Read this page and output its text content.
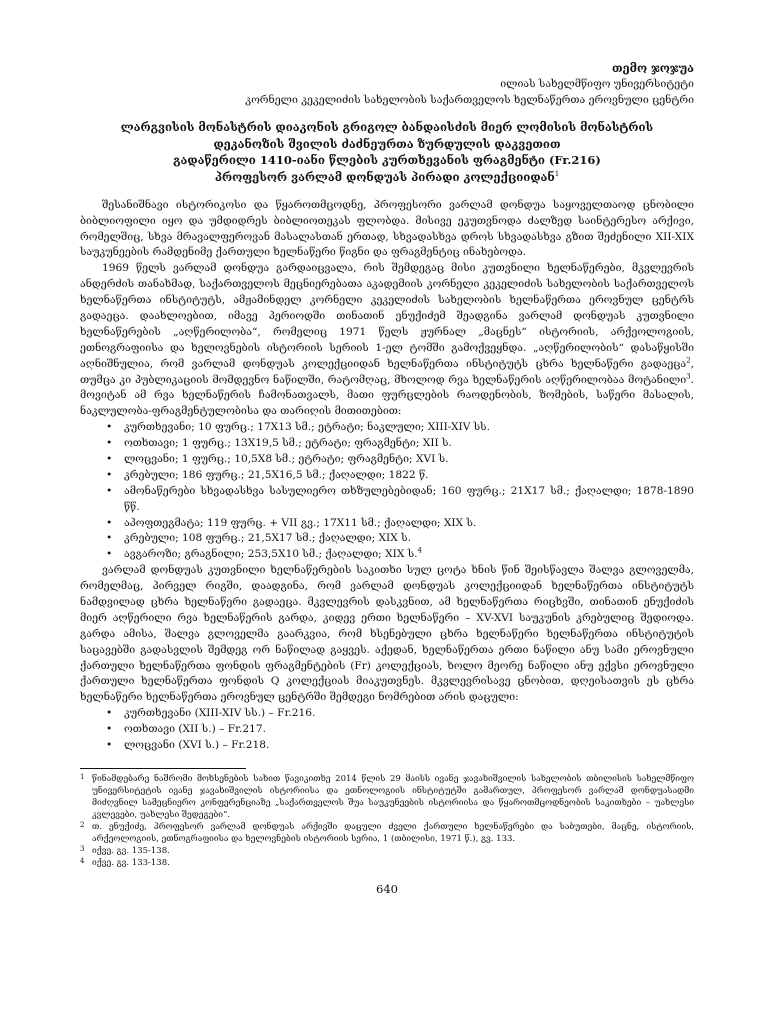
თემო ჯოჯუა
ილიას სახელმწიფო უნივერსიტეტი
კორნელი კეკელიძის სახელობის საქართველოს ხელნაწერთა ეროვნული ცენტრი
ლარგვისის მონასტრის დიაკონის გრიგოლ ბანდაისძის მიერ ლომისის მონასტრის
დეკანოზის შვილის ძაძნეურთა ზურდულის დაკვეთით
გადაწერილი 1410-იანი წლების კურთხევანის ფრაგმენტი (Fr.216)
პროფესორ ვარლამ დონდუას პირადი კოლექციიდან$^1$

შესანიშნავი ისტორიკოსი და წყაროთმცოდნე, პროფესორი ვარლამ დონდუა საყოველთაოდ ცნობილი ბიბლიოფილი იყო და უმდიდრეს ბიბლიოთეკას ფლობდა. მისივე ეკუთვნოდა ძალზედ საინტერესო არქივი, რომელშიც, სხვა მრავალფეროვან მასალასთან ერთად, სხვადასხვა დროს სხვადასხვა გზით შეძენილი XII-XIX საუკუნეების რამდენიმე ქართული ხელნაწერი წიგნი და ფრაგმენტიც ინახებოდა.

1969 წელს ვარლამ დონდუა გარდაიცვალა, რის შემდეგაც მისი კუთვნილი ხელნაწერები, მკვლევრის ანდერძის თანახმად, საქართველოს მეცნიერებათა აკადემიის კორნელი კეკელიძის სახელობის საქართველოს ხელნაწერთა ინსტიტუტს, ამჟამინდელ კორნელი კეკელიძის სახელობის ხელნაწერთა ეროვნულ ცენტრს გადაეცა. დაახლოებით, იმავე პერიოდში თინათინ ენუქიძემ შეადგინა ვარლამ დონდუას კუთვნილი ხელნაწერების „აღწერილობა“, რომელიც 1971 წელს ჟურნალ „მაცნეს“ ისტორიის, არქეოლოგიის, ეთნოგრაფიისა და ხელოვნების ისტორიის სერიის 1-ელ ტომში გამოქვეყნდა. „აღწერილობის“ დასაწყისში აღნიშნულია, რომ ვარლამ დონდუას კოლექციიდან ხელნაწერთა ინსტიტუტს ცხრა ხელნაწერი გადაეცა$^2$, თუმცა კი პუბლიკაციის მომდევნო ნაწილში, რატომღაც, მხოლოდ რვა ხელნაწერის აღწერილობაა მოტანილი$^3$. მოვიტან ამ რვა ხელნაწერის ჩამონათვალს, მათი ფურცლების რაოდენობის, ზომების, საწერი მასალის, ნაკლულობა-ფრაგმენტულობისა და თარიღის მითითებით:

• კურთხევანი; 10 ფურც.; 17X13 სმ.; ეტრატი; ნაკლული; XIII-XIV სს.
• ოთხთავი; 1 ფურც.; 13X19,5 სმ.; ეტრატი; ფრაგმენტი; XII ს.
• ლოცვანი; 1 ფურც.; 10,5X8 სმ.; ეტრატი; ფრაგმენტი; XVI ს.
• კრებული; 186 ფურც.; 21,5X16,5 სმ.; ქაღალდი; 1822 წ.
• ამონაწერები სხვადასხვა სასულიერო თხზულებებიდან; 160 ფურც.; 21X17 სმ.; ქაღალდი; 1878-1890 წწ.
• აპოფთეგმატა; 119 ფურც. + VII გვ.; 17X11 სმ.; ქაღალდი; XIX ს.
• კრებული; 108 ფურც.; 21,5X17 სმ.; ქაღალდი; XIX ს.
• ავგაროზი; გრაგნილი; 253,5X10 სმ.; ქაღალდი; XIX ს.$^4$

ვარლამ დონდუას კუთვნილი ხელნაწერების საკითხი სულ ცოტა ხნის წინ შეისწავლა შალვა გლოველმა, რომელმაც, პირველ რიგში, დაადგინა, რომ ვარლამ დონდუას კოლექციიდან ხელნაწერთა ინსტიტუტს ნამდვილად ცხრა ხელნაწერი გადაეცა. მკვლევრის დასკვნით, ამ ხელნაწერთა რიცხვში, თინათინ ენუქიძის მიერ აღწერილი რვა ხელნაწერის გარდა, კიდევ ერთი ხელნაწერი – XV-XVI საუკუნის კრებულიც შედიოდა. გარდა ამისა, შალვა გლოველმა გაარკვია, რომ ხსენებული ცხრა ხელნაწერი ხელნაწერთა ინსტიტუტის საცავებში გადასვლის შემდეგ ორ ნაწილად გაყვეს. აქედან, ხელნაწერთა ერთი ნაწილი ანუ სამი ეროვნული ქართული ხელნაწერთა ფონდის ფრაგმენტების (Fr) კოლექციას, ხოლო მეორე ნაწილი ანუ ექვსი ეროვნული ქართული ხელნაწერთა ფონდის Q კოლექციას მიაკუთვნეს. მკვლევრისავე ცნობით, დღეისათვის ეს ცხრა ხელნაწერი ხელნაწერთა ეროვნულ ცენტრში შემდეგი ნომრებით არის დაცული:

• კურთხევანი (XIII-XIV სს.) – Fr.216.
• ოთხთავი (XII ს.) – Fr.217.
• ლოცვანი (XVI ს.) – Fr.218.
1 წინამდებარე ნაშრომი მოხსენების სახით წავიკითხე 2014 წლის 29 მაისს ივანე ჯავახიშვილის სახელობის თბილისის სახელმწიფო უნივერსიტეტის ივანე ჯავახიშვილის ისტორიისა და ეთნოლოგიის ინსტიტუტში გამართულ, პროფესორ ვარლამ დონდუასადმი მიძღვნილ სამეცნიერო კონფერენციაზე „საქართველოს შუა საუკუნეების ისტორიისა და წყაროთმცოდნეობის საკითხები – უახლესი კვლევები, უახლესი შედეგები“.
2 თ. ენუქიძე, პროფესორ ვარლამ დონდუას არქივში დაცული ძველი ქართული ხელნაწერები და საბუთები, მაცნე, ისტორიის, არქეოლოგიის, ეთნოგრაფიისა და ხელოვნების ისტორიის სერია, 1 (თბილისი, 1971 წ.), გვ. 133.
3 იქვე. გვ. 135-138.
4 იქვე. გვ. 133-138.
640
